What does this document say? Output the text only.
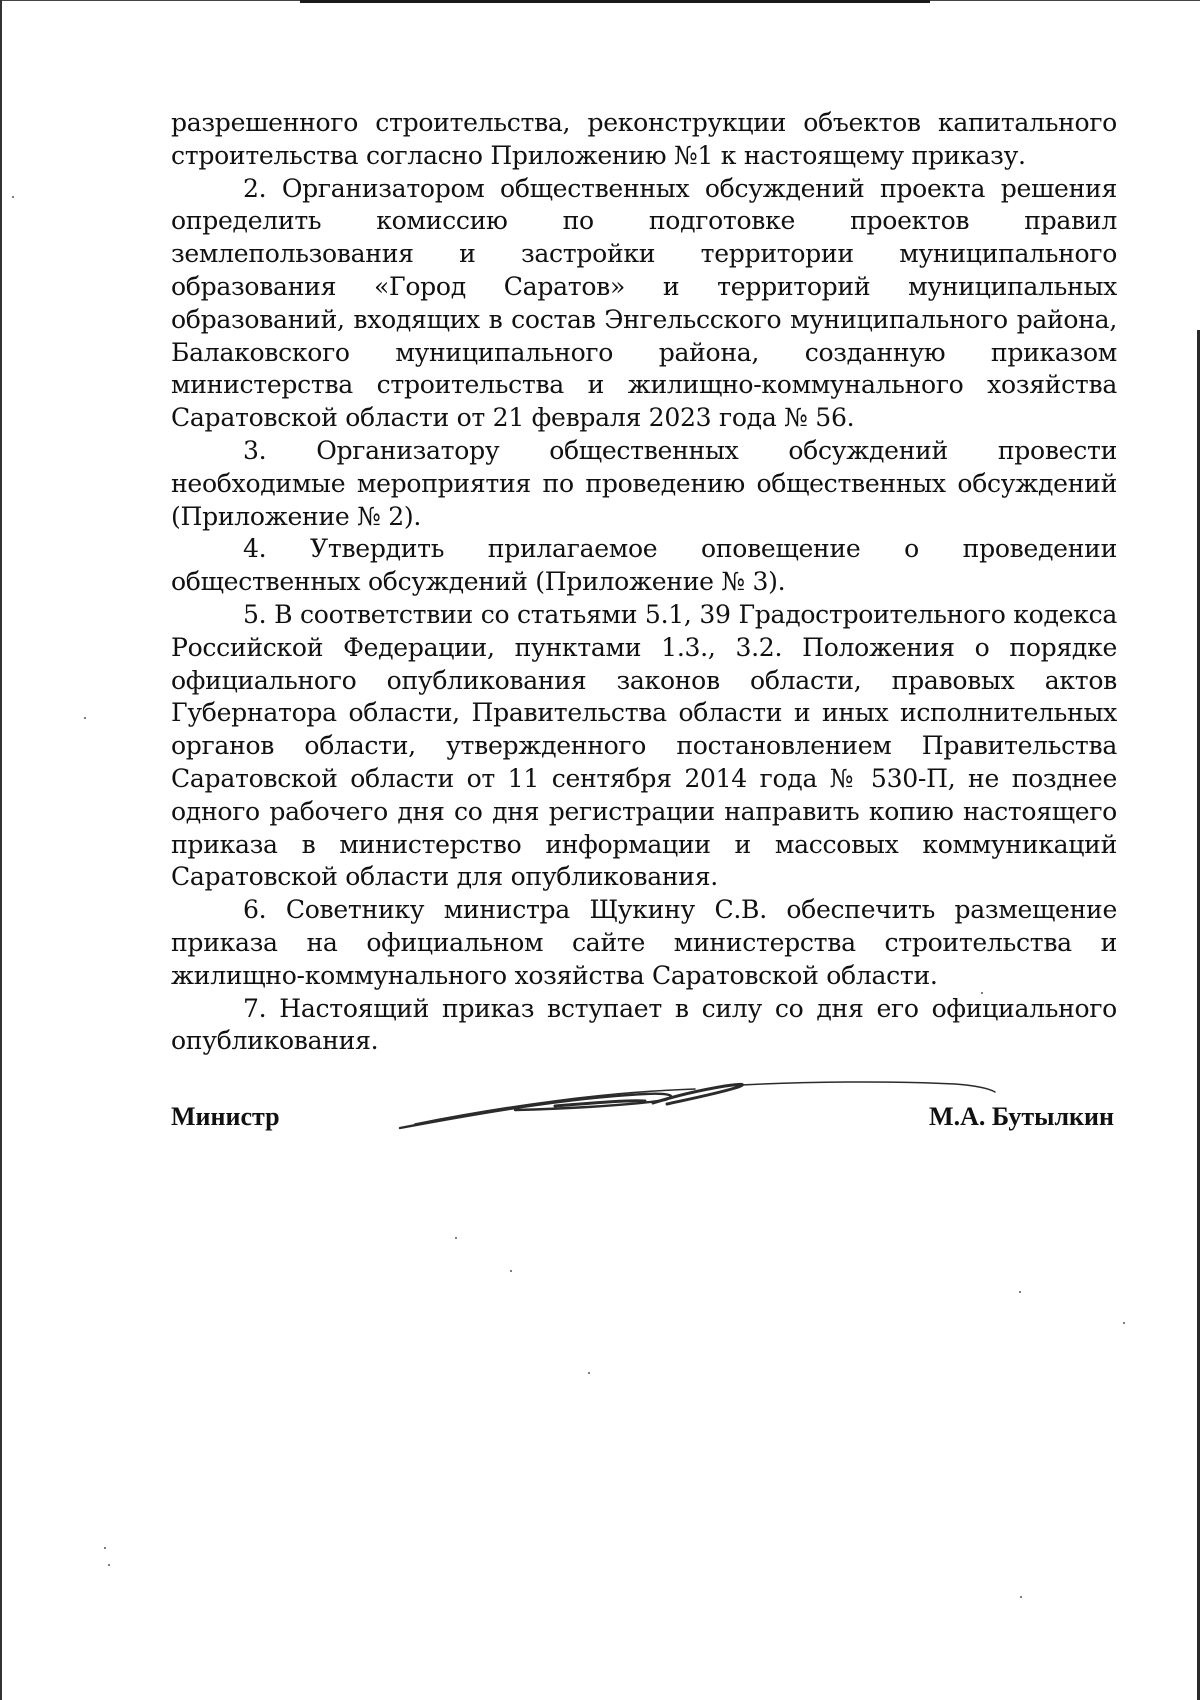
разрешенного строительства, реконструкции объектов капитального строительства согласно Приложению №1 к настоящему приказу.

2. Организатором общественных обсуждений проекта решения определить комиссию по подготовке проектов правил землепользования и застройки территории муниципального образования «Город Саратов» и территорий муниципальных образований, входящих в состав Энгельсского муниципального района, Балаковского муниципального района, созданную приказом министерства строительства и жилищно-коммунального хозяйства Саратовской области от 21 февраля 2023 года № 56.

3. Организатору общественных обсуждений провести необходимые мероприятия по проведению общественных обсуждений (Приложение № 2).

4. Утвердить прилагаемое оповещение о проведении общественных обсуждений (Приложение № 3).

5. В соответствии со статьями 5.1, 39 Градостроительного кодекса Российской Федерации, пунктами 1.3., 3.2. Положения о порядке официального опубликования законов области, правовых актов Губернатора области, Правительства области и иных исполнительных органов области, утвержденного постановлением Правительства Саратовской области от 11 сентября 2014 года № 530-П, не позднее одного рабочего дня со дня регистрации направить копию настоящего приказа в министерство информации и массовых коммуникаций Саратовской области для опубликования.

6. Советнику министра Щукину С.В. обеспечить размещение приказа на официальном сайте министерства строительства и жилищно-коммунального хозяйства Саратовской области.

7. Настоящий приказ вступает в силу со дня его официального опубликования.

Министр	М.А. Бутылкин
